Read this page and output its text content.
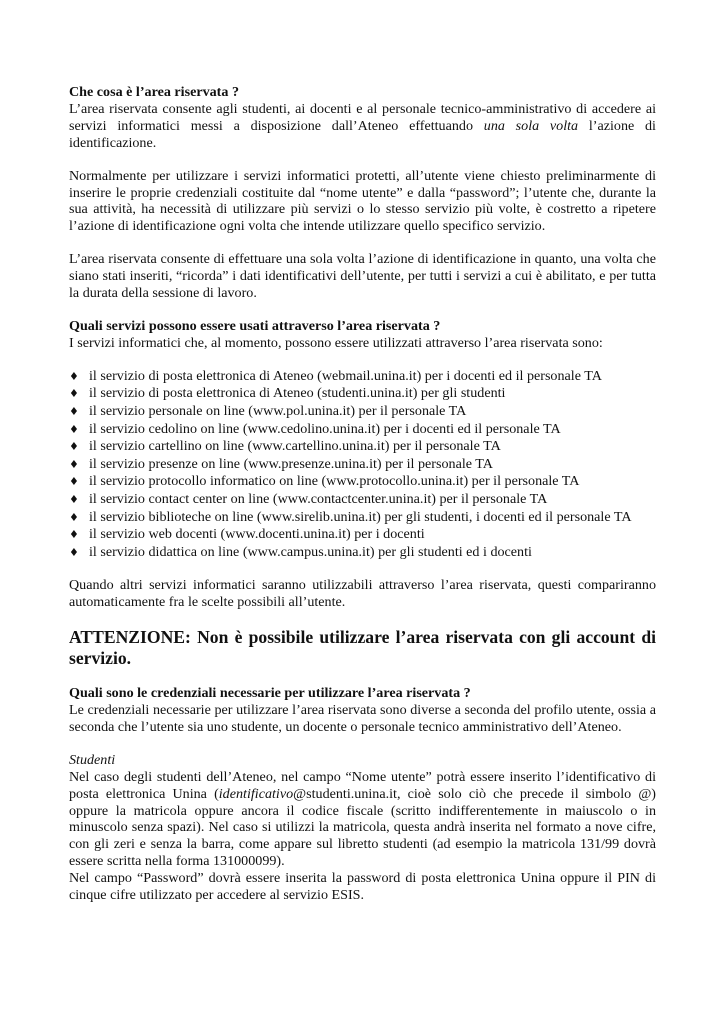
Che cosa è l’area riservata ?

L’area riservata consente agli studenti, ai docenti e al personale tecnico-amministrativo di accedere ai servizi informatici messi a disposizione dall’Ateneo effettuando una sola volta l’azione di identificazione.

Normalmente per utilizzare i servizi informatici protetti, all’utente viene chiesto preliminarmente di inserire le proprie credenziali costituite dal “nome utente” e dalla “password”; l’utente che, durante la sua attività, ha necessità di utilizzare più servizi o lo stesso servizio più volte, è costretto a ripetere l’azione di identificazione ogni volta che intende utilizzare quello specifico servizio.

L’area riservata consente di effettuare una sola volta l’azione di identificazione in quanto, una volta che siano stati inseriti, “ricorda” i dati identificativi dell’utente, per tutti i servizi a cui è abilitato, e per tutta la durata della sessione di lavoro.

Quali servizi possono essere usati attraverso l’area riservata ?

I servizi informatici che, al momento, possono essere utilizzati attraverso l’area riservata sono:

♦ il servizio di posta elettronica di Ateneo (webmail.unina.it) per i docenti ed il personale TA
♦ il servizio di posta elettronica di Ateneo (studenti.unina.it) per gli studenti
♦ il servizio personale on line (www.pol.unina.it) per il personale TA
♦ il servizio cedolino on line (www.cedolino.unina.it) per i docenti ed il personale TA
♦ il servizio cartellino on line (www.cartellino.unina.it) per il personale TA
♦ il servizio presenze on line (www.presenze.unina.it) per il personale TA
♦ il servizio protocollo informatico on line (www.protocollo.unina.it) per il personale TA
♦ il servizio contact center on line (www.contactcenter.unina.it) per il personale TA
♦ il servizio biblioteche on line (www.sirelib.unina.it) per gli studenti, i docenti ed il personale TA
♦ il servizio web docenti (www.docenti.unina.it) per i docenti
♦ il servizio didattica on line (www.campus.unina.it) per gli studenti ed i docenti

Quando altri servizi informatici saranno utilizzabili attraverso l’area riservata, questi compariranno automaticamente fra le scelte possibili all’utente.

ATTENZIONE: Non è possibile utilizzare l’area riservata con gli account di servizio.

Quali sono le credenziali necessarie per utilizzare l’area riservata ?

Le credenziali necessarie per utilizzare l’area riservata sono diverse a seconda del profilo utente, ossia a seconda che l’utente sia uno studente, un docente o personale tecnico amministrativo dell’Ateneo.

Studenti

Nel caso degli studenti dell’Ateneo, nel campo “Nome utente” potrà essere inserito l’identificativo di posta elettronica Unina (identificativo@studenti.unina.it, cioè solo ciò che precede il simbolo @) oppure la matricola oppure ancora il codice fiscale (scritto indifferentemente in maiuscolo o in minuscolo senza spazi). Nel caso si utilizzi la matricola, questa andrà inserita nel formato a nove cifre, con gli zeri e senza la barra, come appare sul libretto studenti (ad esempio la matricola 131/99 dovrà essere scritta nella forma 131000099).

Nel campo “Password” dovrà essere inserita la password di posta elettronica Unina oppure il PIN di cinque cifre utilizzato per accedere al servizio ESIS.
